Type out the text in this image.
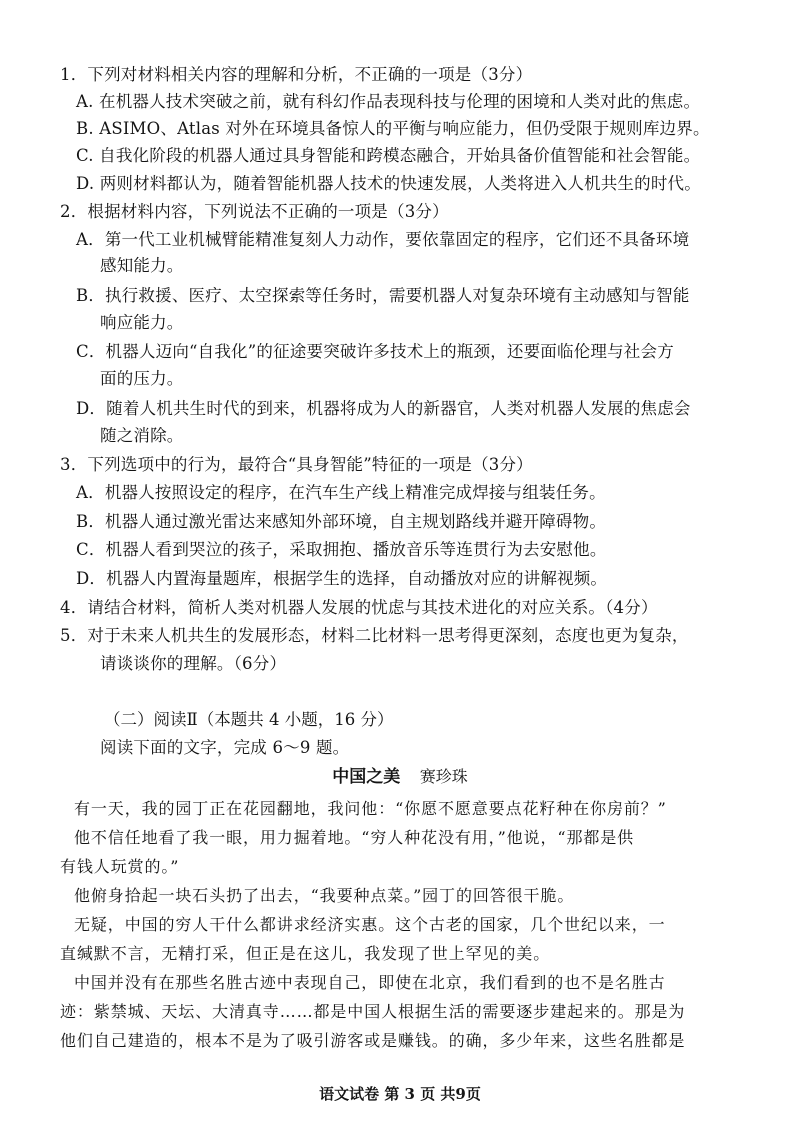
1．下列对材料相关内容的理解和分析，不正确的一项是（3分）
A. 在机器人技术突破之前，就有科幻作品表现科技与伦理的困境和人类对此的焦虑。
B. ASIMO、Atlas 对外在环境具备惊人的平衡与响应能力，但仍受限于规则库边界。
C. 自我化阶段的机器人通过具身智能和跨模态融合，开始具备价值智能和社会智能。
D. 两则材料都认为，随着智能机器人技术的快速发展，人类将进入人机共生的时代。
2．根据材料内容，下列说法不正确的一项是（3分）
A．第一代工业机械臂能精准复刻人力动作，要依靠固定的程序，它们还不具备环境
感知能力。
B．执行救援、医疗、太空探索等任务时，需要机器人对复杂环境有主动感知与智能
响应能力。
C．机器人迈向“自我化”的征途要突破许多技术上的瓶颈，还要面临伦理与社会方
面的压力。
D．随着人机共生时代的到来，机器将成为人的新器官，人类对机器人发展的焦虑会
随之消除。
3．下列选项中的行为，最符合“具身智能”特征的一项是（3分）
A．机器人按照设定的程序，在汽车生产线上精准完成焊接与组装任务。
B．机器人通过激光雷达来感知外部环境，自主规划路线并避开障碍物。
C．机器人看到哭泣的孩子，采取拥抱、播放音乐等连贯行为去安慰他。
D．机器人内置海量题库，根据学生的选择，自动播放对应的讲解视频。
4．请结合材料，简析人类对机器人发展的忧虑与其技术进化的对应关系。（4分）
5．对于未来人机共生的发展形态，材料二比材料一思考得更深刻，态度也更为复杂，
请谈谈你的理解。（6分）
（二）阅读Ⅱ（本题共 4 小题，16 分）
阅读下面的文字，完成 6～9 题。
中国之美 赛珍珠
有一天，我的园丁正在花园翻地，我问他：“你愿不愿意要点花籽种在你房前？”
他不信任地看了我一眼，用力掘着地。“穷人种花没有用，”他说，“那都是供
有钱人玩赏的。”
他俯身拾起一块石头扔了出去，“我要种点菜。”园丁的回答很干脆。
无疑，中国的穷人干什么都讲求经济实惠。这个古老的国家，几个世纪以来，一
直缄默不言，无精打采，但正是在这儿，我发现了世上罕见的美。
中国并没有在那些名胜古迹中表现自己，即使在北京，我们看到的也不是名胜古
迹：紫禁城、天坛、大清真寺……都是中国人根据生活的需要逐步建起来的。那是为
他们自己建造的，根本不是为了吸引游客或是赚钱。的确，多少年来，这些名胜都是
语文试卷 第 3 页 共9页
